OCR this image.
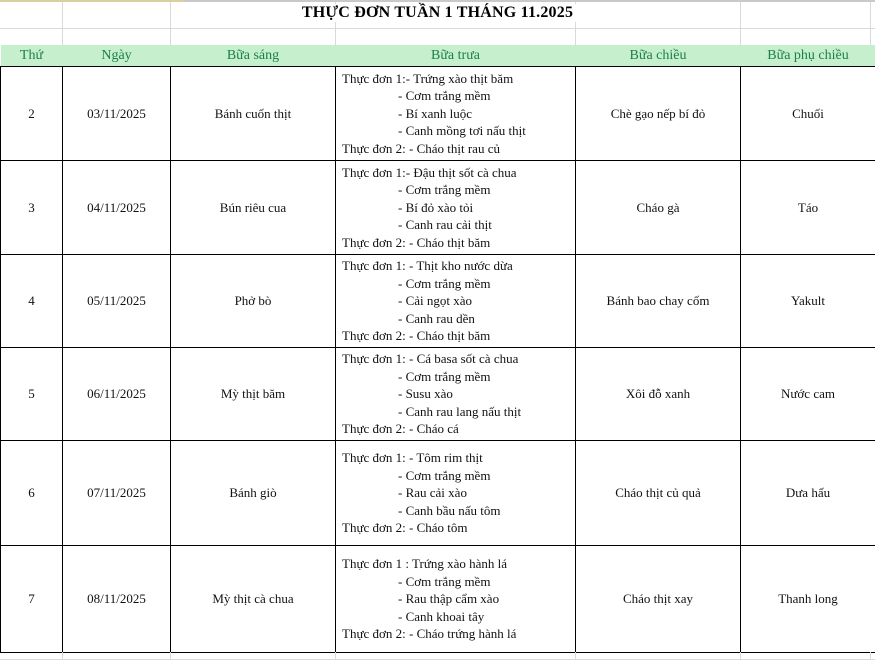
THỰC ĐƠN TUẦN 1 THÁNG 11.2025
Thứ	Ngày	Bữa sáng	Bữa trưa	Bữa chiều	Bữa phụ chiều
2	03/11/2025	Bánh cuốn thịt	Thực đơn 1:- Trứng xào thịt băm
- Cơm trắng mềm
- Bí xanh luộc
- Canh mồng tơi nấu thịt
Thực đơn 2: - Cháo thịt rau củ	Chè gạo nếp bí đỏ	Chuối
3	04/11/2025	Bún riêu cua	Thực đơn 1:- Đậu thịt sốt cà chua
- Cơm trắng mềm
- Bí đỏ xào tỏi
- Canh rau cải thịt
Thực đơn 2: - Cháo thịt băm	Cháo gà	Táo
4	05/11/2025	Phở bò	Thực đơn 1: - Thịt kho nước dừa
- Cơm trắng mềm
- Cải ngọt xào
- Canh rau dền
Thực đơn 2: - Cháo thịt băm	Bánh bao chay cốm	Yakult
5	06/11/2025	Mỳ thịt băm	Thực đơn 1: - Cá basa sốt cà chua
- Cơm trắng mềm
- Susu xào
- Canh rau lang nấu thịt
Thực đơn 2: - Cháo cá	Xôi đỗ xanh	Nước cam
6	07/11/2025	Bánh giò	Thực đơn 1: - Tôm rim thịt
- Cơm trắng mềm
- Rau cải xào
- Canh bầu nấu tôm
Thực đơn 2: - Cháo tôm	Cháo thịt củ quả	Dưa hấu
7	08/11/2025	Mỳ thịt cà chua	Thực đơn 1 : Trứng xào hành lá
- Cơm trắng mềm
- Rau thập cẩm xào
- Canh khoai tây
Thực đơn 2: - Cháo trứng hành lá	Cháo thịt xay	Thanh long
